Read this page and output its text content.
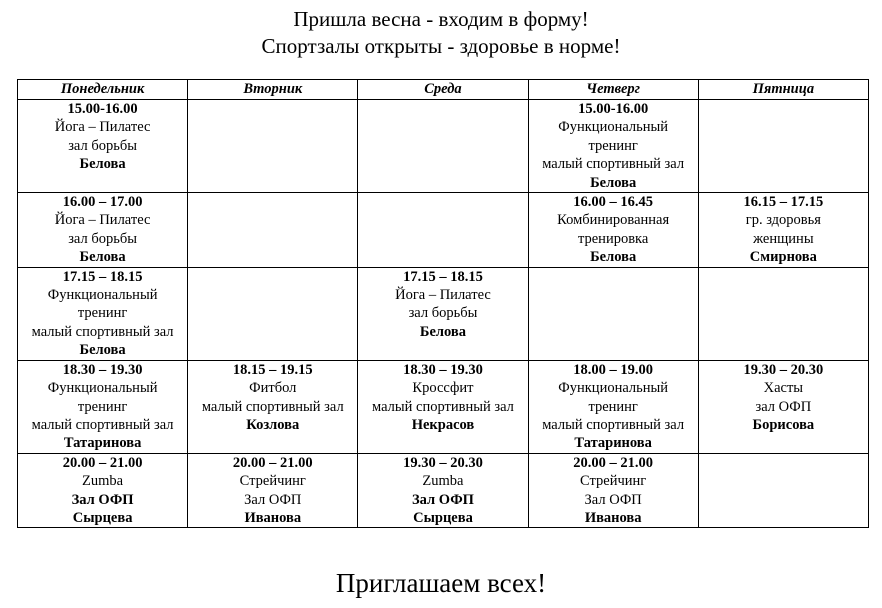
Пришла весна - входим в форму!
Спортзалы открыты - здоровье в норме!
Понедельник	Вторник	Среда	Четверг	Пятница

15.00-16.00
Йога – Пилатес
зал борьбы
Белова			15.00-16.00
Функциональный
тренинг
малый спортивный зал
Белова	

16.00 – 17.00
Йога – Пилатес
зал борьбы
Белова			16.00 – 16.45
Комбинированная
тренировка
Белова	16.15 – 17.15
гр. здоровья
женщины
Смирнова

17.15 – 18.15
Функциональный
тренинг
малый спортивный зал
Белова		17.15 – 18.15
Йога – Пилатес
зал борьбы
Белова		

18.30 – 19.30
Функциональный
тренинг
малый спортивный зал
Татаринова	18.15 – 19.15
Фитбол
малый спортивный зал
Козлова	18.30 – 19.30
Кроссфит
малый спортивный зал
Некрасов	18.00 – 19.00
Функциональный
тренинг
малый спортивный зал
Татаринова	19.30 – 20.30
Хасты
зал ОФП
Борисова

20.00 – 21.00
Zumba
Зал ОФП
Сырцева	20.00 – 21.00
Стрейчинг
Зал ОФП
Иванова	19.30 – 20.30
Zumba
Зал ОФП
Сырцева	20.00 – 21.00
Стрейчинг
Зал ОФП
Иванова	

Приглашаем всех!
